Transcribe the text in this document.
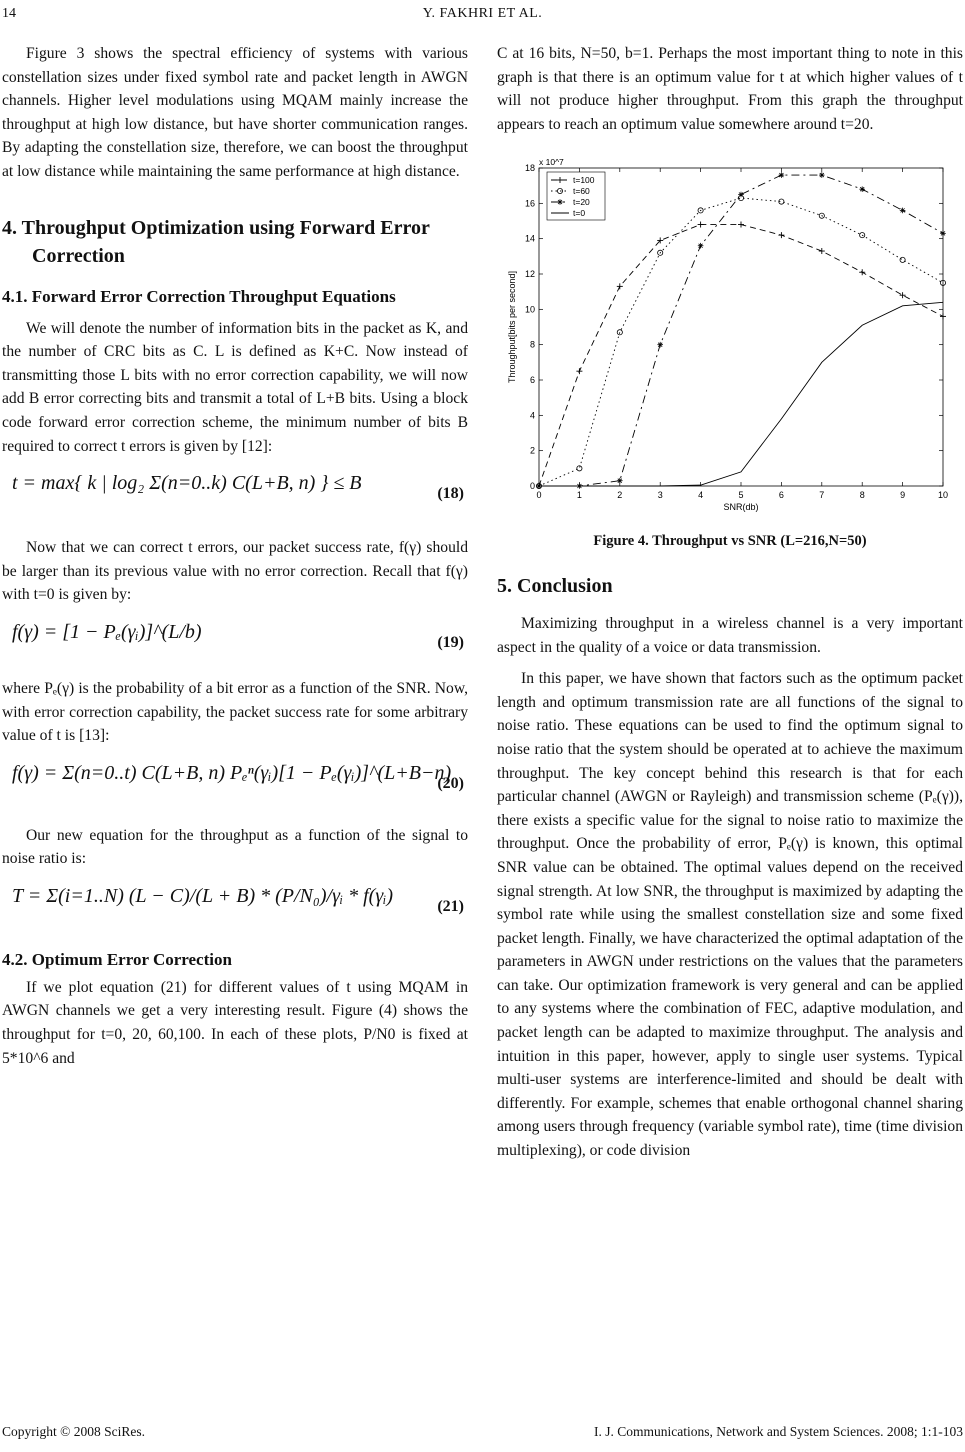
14	Y. FAKHRI ET AL.

Figure 3 shows the spectral efficiency of systems with various constellation sizes under fixed symbol rate and packet length in AWGN channels. Higher level modulations using MQAM mainly increase the throughput at high low distance, but have shorter communication ranges. By adapting the constellation size, therefore, we can boost the throughput at low distance while maintaining the same performance at high distance.

4. Throughput Optimization using Forward Error Correction
4.1. Forward Error Correction Throughput Equations

We will denote the number of information bits in the packet as K, and the number of CRC bits as C. L is defined as K+C. Now instead of transmitting those L bits with no error correction capability, we will now add B error correcting bits and transmit a total of L+B bits. Using a block code forward error correction scheme, the minimum number of bits B required to correct t errors is given by [12]:

t = max{ k | log₂ Σ(n=0..k) C(L+B, n) } ≤ B	(18)

Now that we can correct t errors, our packet success rate, f(γ) should be larger than its previous value with no error correction. Recall that f(γ) with t=0 is given by:

f(γ) = [1 − Pₑ(γᵢ)]^(L/b)	(19)

where Pₑ(γ) is the probability of a bit error as a function of the SNR. Now, with error correction capability, the packet success rate for some arbitrary value of t is [13]:

f(γ) = Σ(n=0..t) C(L+B, n) Pₑⁿ(γᵢ)[1 − Pₑ(γᵢ)]^(L+B−n)
(20)

Our new equation for the throughput as a function of the signal to noise ratio is:

T = Σ(i=1..N) (L − C)/(L + B) * (P/N₀)/γᵢ * f(γᵢ)	(21)
4.2. Optimum Error Correction

If we plot equation (21) for different values of t using MQAM in AWGN channels we get a very interesting result. Figure (4) shows the throughput for t=0, 20, 60,100. In each of these plots, P/N0 is fixed at 5*10^6 and

C at 16 bits, N=50, b=1. Perhaps the most important thing to note in this graph is that there is an optimum value for t at which higher values of t will not produce higher throughput. From this graph the throughput appears to reach an optimum value somewhere around t=20.

0	1	2	3	4	5	6	7	8	9	10
0
2
4
6
8
10
12
14
16
18
x 10^7
SNR(db)
Throughput[bits per second]
t=100
t=60
t=20
t=0
Figure 4. Throughput vs SNR (L=216,N=50)
5. Conclusion

Maximizing throughput in a wireless channel is a very important aspect in the quality of a voice or data transmission.

In this paper, we have shown that factors such as the optimum packet length and optimum transmission rate are all functions of the signal to noise ratio. These equations can be used to find the optimum signal to noise ratio that the system should be operated at to achieve the maximum throughput. The key concept behind this research is that for each particular channel (AWGN or Rayleigh) and transmission scheme (Pₑ(γ)), there exists a specific value for the signal to noise ratio to maximize the throughput. Once the probability of error, Pₑ(γ) is known, this optimal SNR value can be obtained. The optimal values depend on the received signal strength. At low SNR, the throughput is maximized by adapting the symbol rate while using the smallest constellation size and some fixed packet length. Finally, we have characterized the optimal adaptation of the parameters in AWGN under restrictions on the values that the parameters can take. Our optimization framework is very general and can be applied to any systems where the combination of FEC, adaptive modulation, and packet length can be adapted to maximize throughput. The analysis and intuition in this paper, however, apply to single user systems. Typical multi-user systems are interference-limited and should be dealt with differently. For example, schemes that enable orthogonal channel sharing among users through frequency (variable symbol rate), time (time division multiplexing), or code division

Copyright © 2008 SciRes.	I. J. Communications, Network and System Sciences. 2008; 1:1-103
